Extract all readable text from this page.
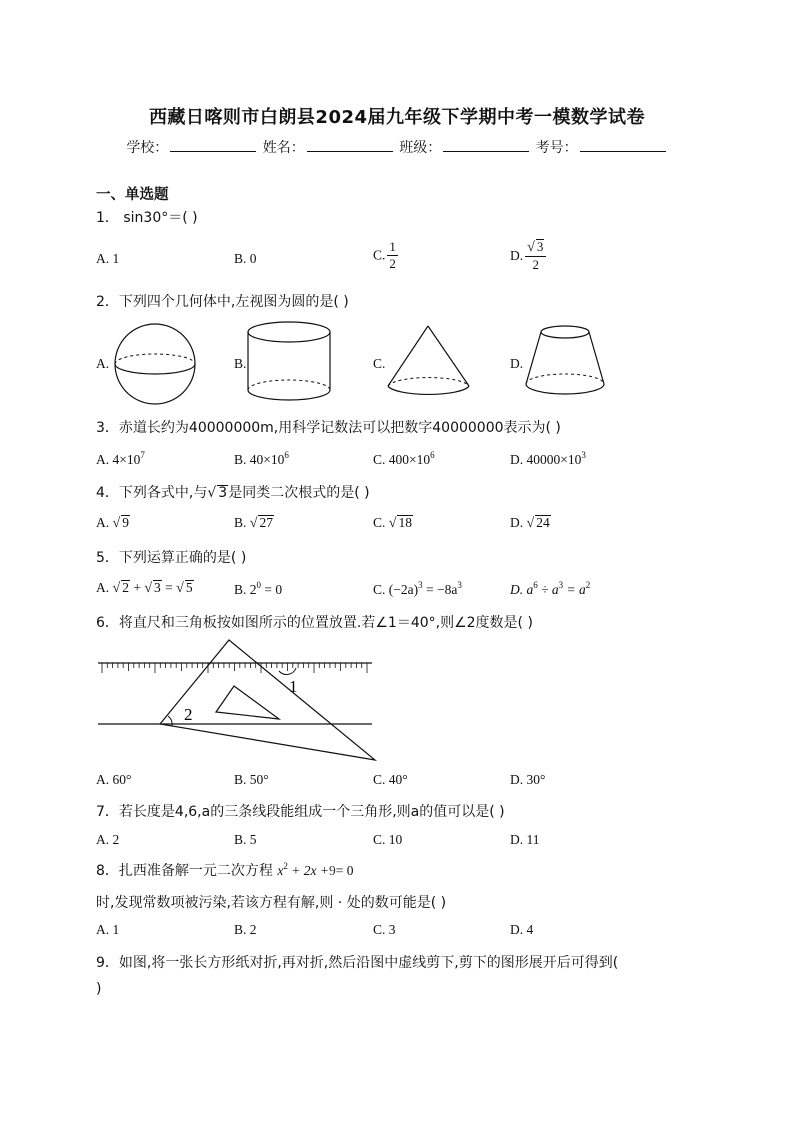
西藏日喀则市白朗县2024届九年级下学期中考一模数学试卷
学校：	姓名：	班级：	考号：
一、单选题
1． sin30°＝( )
A. 1	B. 0	C. $\frac{1}{2}$	D. $\frac{√ 3}{2}$
2．下列四个几何体中,左视图为圆的是( )
A.	B.	C.	D.
3．赤道长约为40000000m,用科学记数法可以把数字40000000表示为( )
A. $4\times 10^7$	B. $40\times 10^6$	C. $400\times 10^6$	D. $40000\times 10^3$
4．下列各式中,与√ 3是同类二次根式的是( )
A. √ 9	B. √ 27	C. √ 18	D. √ 24
5．下列运算正确的是( )
A. √ 2 + √ 3 = √ 5	B. $2^0 = 0$	C. $(-2a)^3 = -8a^3$	D. $a^6 \div a^3 = a^2$
6．将直尺和三角板按如图所示的位置放置.若∠1＝40°,则∠2度数是( )
1
2
A. 60°	B. 50°	C. 40°	D. 30°
7．若长度是4,6,a的三条线段能组成一个三角形,则a的值可以是( )
A. 2	B. 5	C. 10	D. 11
8．扎西准备解一元二次方程 $x^2 + 2x +9= 0$
时,发现常数项被污染,若该方程有解,则 · 处的数可能是( )
A. 1	B. 2	C. 3	D. 4
9．如图,将一张长方形纸对折,再对折,然后沿图中虚线剪下,剪下的图形展开后可得到(
)
